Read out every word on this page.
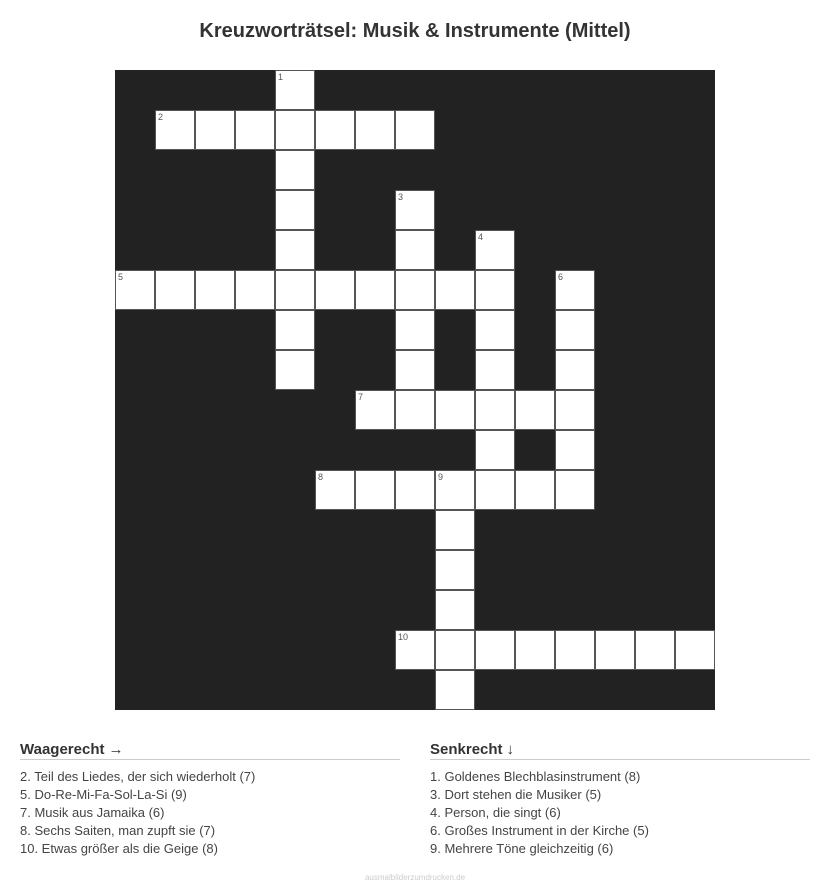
Kreuzworträtsel: Musik & Instrumente (Mittel)
1
2
3
4
5	6
7
8	9
10
Waagerecht →
2. Teil des Liedes, der sich wiederholt (7)
5. Do-Re-Mi-Fa-Sol-La-Si (9)
7. Musik aus Jamaika (6)
8. Sechs Saiten, man zupft sie (7)
10. Etwas größer als die Geige (8)
Senkrecht ↓
1. Goldenes Blechblasinstrument (8)
3. Dort stehen die Musiker (5)
4. Person, die singt (6)
6. Großes Instrument in der Kirche (5)
9. Mehrere Töne gleichzeitig (6)
ausmalbilderzumdrucken.de
